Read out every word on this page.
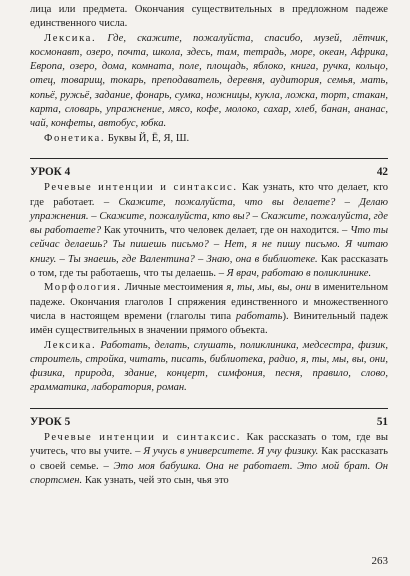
лица или предмета. Окончания существительных в предложном падеже единственного числа.

Лексика. Где, скажите, пожалуйста, спасибо, музей, лётчик, космонавт, озеро, почта, школа, здесь, там, тетрадь, море, океан, Африка, Европа, озеро, дома, комната, поле, площадь, яблоко, книга, ручка, кольцо, отец, товарищ, токарь, преподаватель, деревня, аудитория, семья, мать, копьё, ружьё, задание, фонарь, сумка, ножницы, кукла, ложка, торт, стакан, карта, словарь, упражнение, мясо, кофе, молоко, сахар, хлеб, банан, ананас, чай, конфеты, автобус, юбка.

Фонетика. Буквы Й, Ё, Я, Ш.

УРОК 4	42

Речевые интенции и синтаксис. Как узнать, кто что делает, кто где работает. – Скажите, пожалуйста, что вы делаете? – Делаю упражнения. – Скажите, пожалуйста, кто вы? – Скажите, пожалуйста, где вы работаете? Как уточнить, что человек делает, где он находится. – Что ты сейчас делаешь? Ты пишешь письмо? – Нет, я не пишу письмо. Я читаю книгу. – Ты знаешь, где Валентина? – Знаю, она в библиотеке. Как рассказать о том, где ты работаешь, что ты делаешь. – Я врач, работаю в поликлинике.

Морфология. Личные местоимения я, ты, мы, вы, они в именительном падеже. Окончания глаголов I спряжения единственного и множественного числа в настоящем времени (глаголы типа работать). Винительный падеж имён существительных в значении прямого объекта.

Лексика. Работать, делать, слушать, поликлиника, медсестра, физик, строитель, стройка, читать, писать, библиотека, радио, я, ты, мы, вы, они, физика, природа, здание, концерт, симфония, песня, правило, слово, грамматика, лаборатория, роман.

УРОК 5	51

Речевые интенции и синтаксис. Как рассказать о том, где вы учитесь, что вы учите. – Я учусь в университете. Я учу физику. Как рассказать о своей семье. – Это моя бабушка. Она не работает. Это мой брат. Он спортсмен. Как узнать, чей это сын, чья это

263
